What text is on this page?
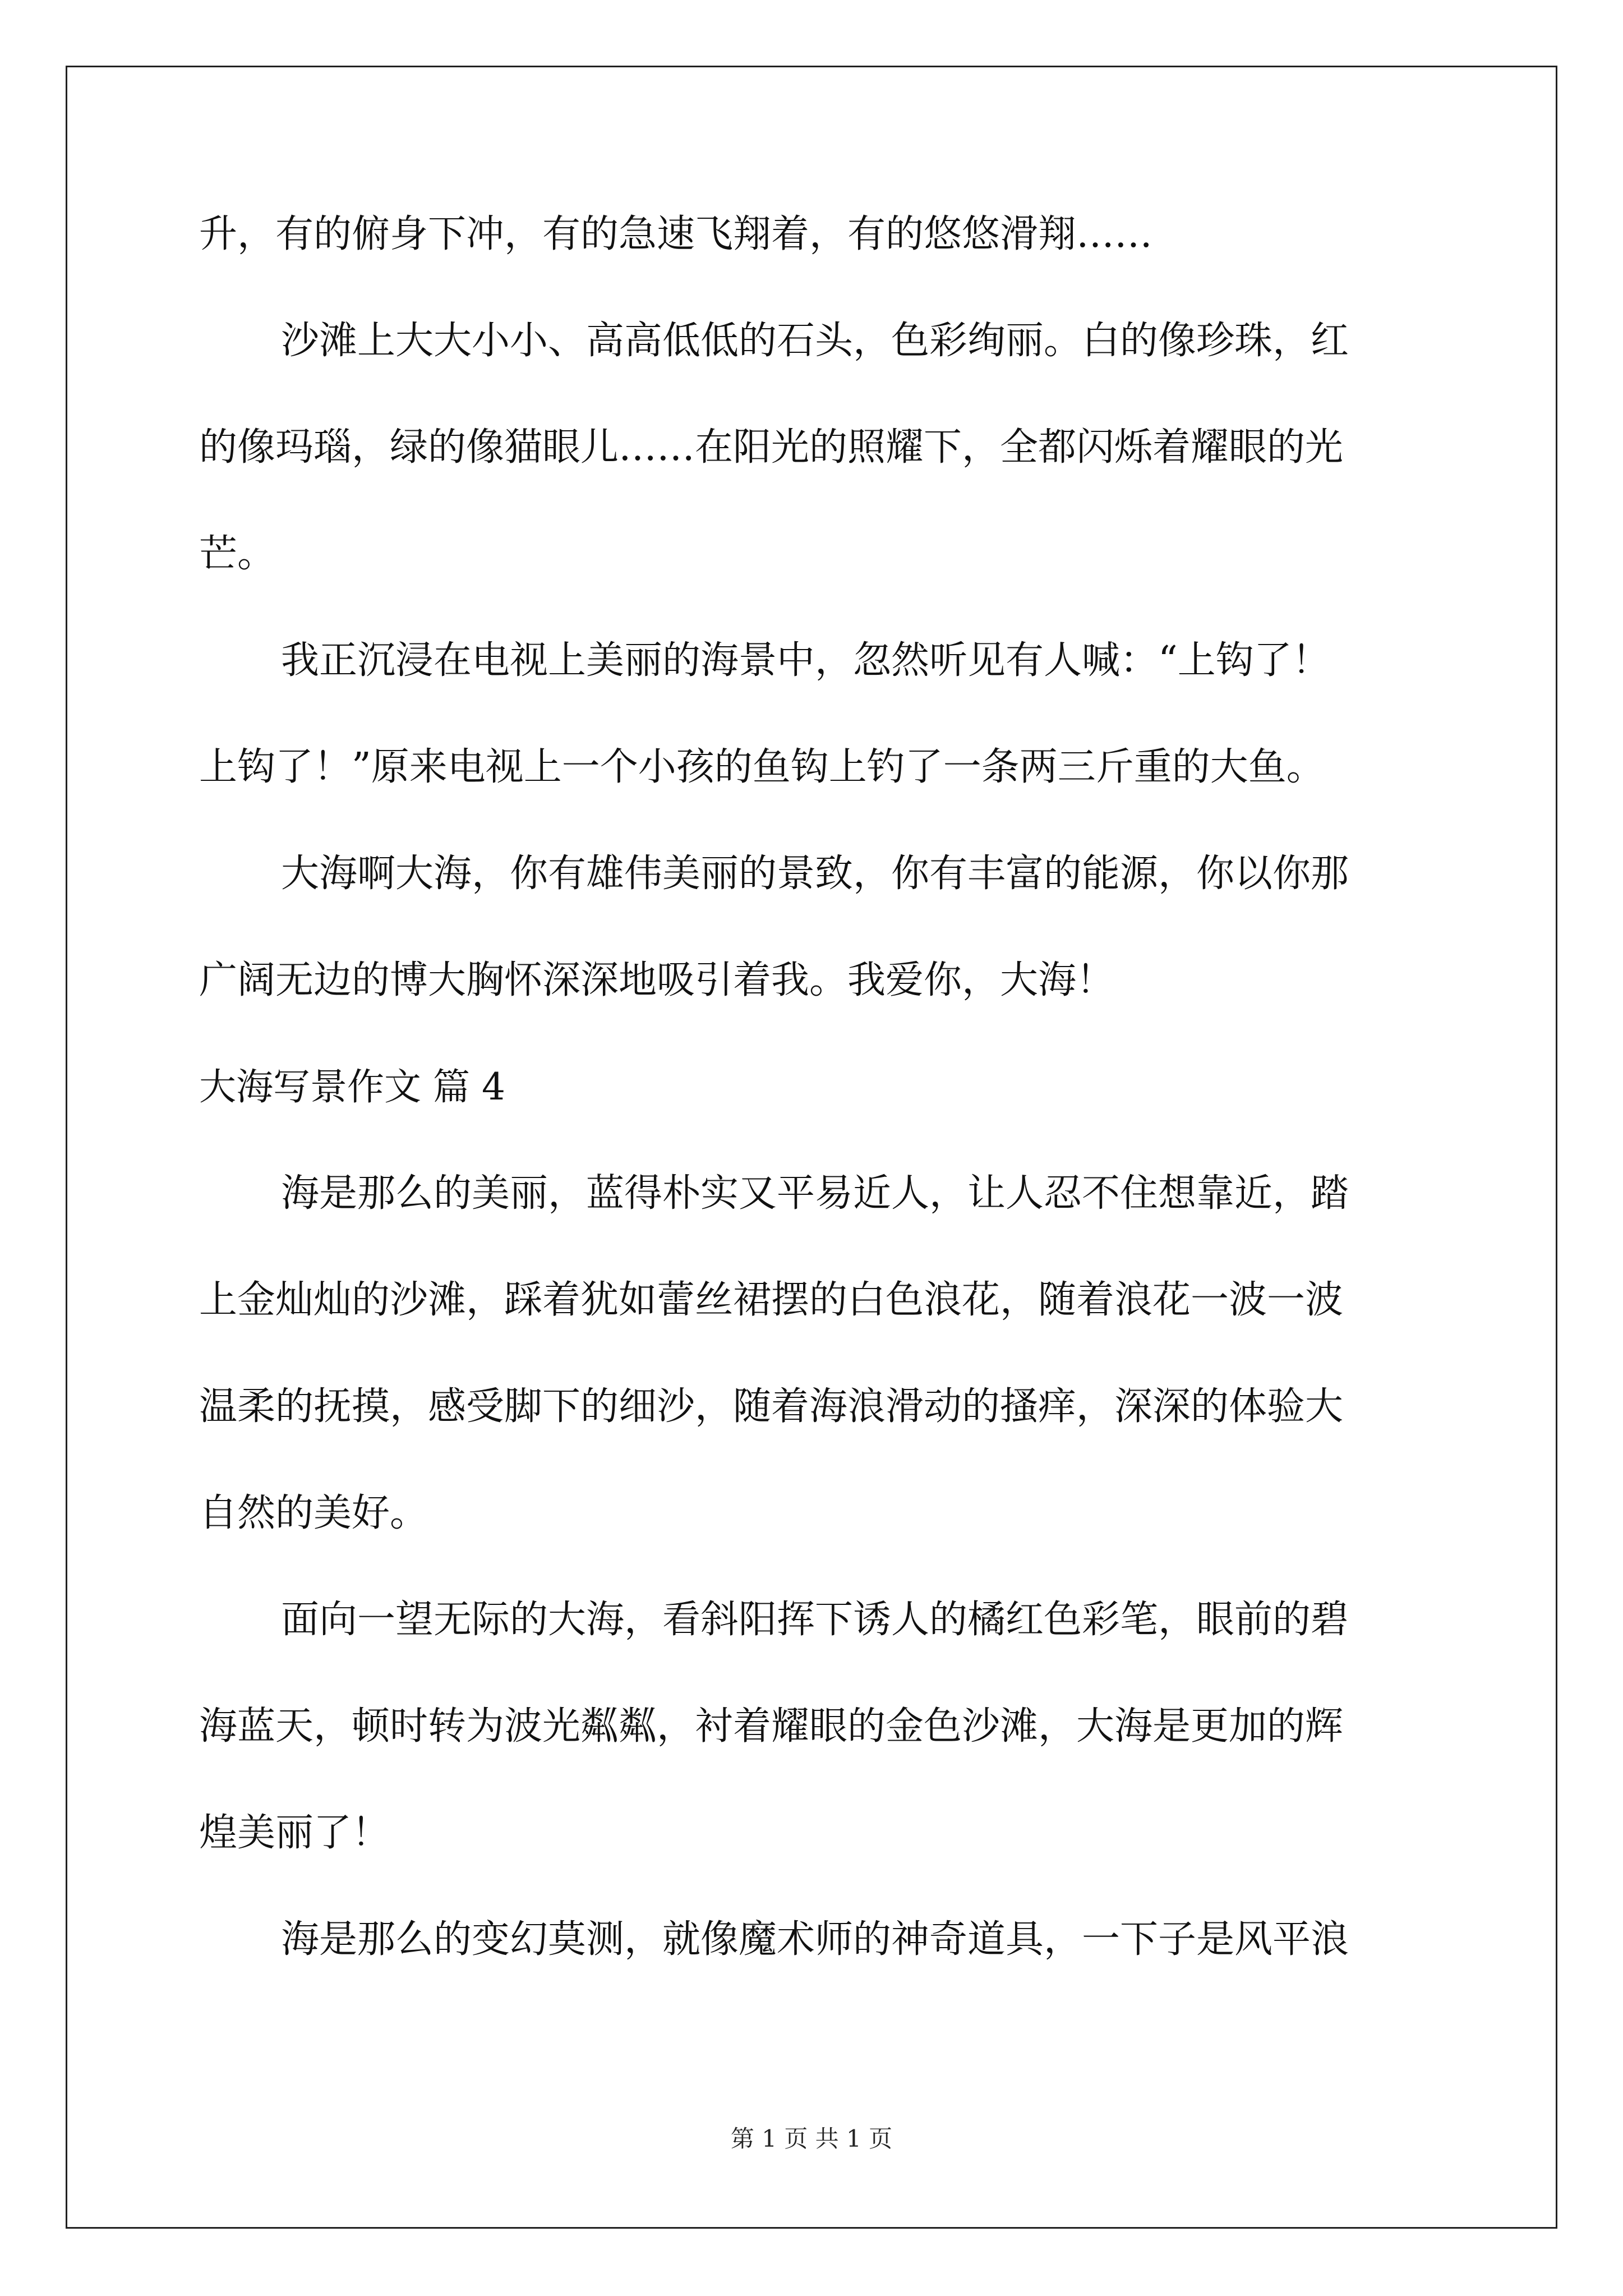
升，有的俯身下冲，有的急速飞翔着，有的悠悠滑翔……
沙滩上大大小小、高高低低的石头，色彩绚丽。白的像珍珠，红
的像玛瑙，绿的像猫眼儿……在阳光的照耀下，全都闪烁着耀眼的光
芒。
我正沉浸在电视上美丽的海景中，忽然听见有人喊：“上钩了！
上钩了！”原来电视上一个小孩的鱼钩上钓了一条两三斤重的大鱼。
大海啊大海，你有雄伟美丽的景致，你有丰富的能源，你以你那
广阔无边的博大胸怀深深地吸引着我。我爱你，大海！
大海写景作文 篇 4
海是那么的美丽，蓝得朴实又平易近人，让人忍不住想靠近，踏
上金灿灿的沙滩，踩着犹如蕾丝裙摆的白色浪花，随着浪花一波一波
温柔的抚摸，感受脚下的细沙，随着海浪滑动的搔痒，深深的体验大
自然的美好。
面向一望无际的大海，看斜阳挥下诱人的橘红色彩笔，眼前的碧
海蓝天，顿时转为波光粼粼，衬着耀眼的金色沙滩，大海是更加的辉
煌美丽了！
海是那么的变幻莫测，就像魔术师的神奇道具，一下子是风平浪
第 1 页 共 1 页
